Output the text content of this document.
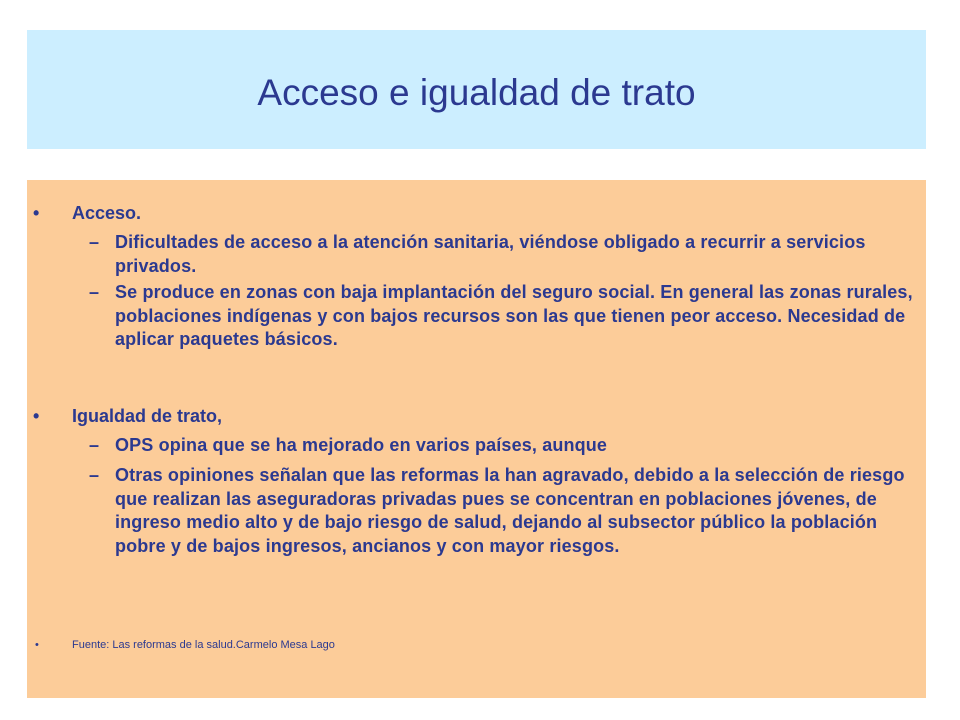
Acceso e igualdad de trato
•	Acceso.
– Dificultades de acceso a la atención sanitaria, viéndose obligado a recurrir a servicios privados.
– Se produce en zonas con baja implantación del seguro social. En general las zonas rurales, poblaciones indígenas y con bajos recursos son las que tienen peor acceso. Necesidad de aplicar paquetes básicos.
•	Igualdad de trato,
– OPS opina que se ha mejorado en varios países, aunque
– Otras opiniones señalan que las reformas la han agravado, debido a la selección de riesgo que realizan las aseguradoras privadas pues se concentran en poblaciones jóvenes, de ingreso medio alto y de bajo riesgo de salud, dejando al subsector público la población pobre y de bajos ingresos, ancianos y con mayor riesgos.
•	Fuente: Las reformas de la salud.Carmelo Mesa Lago
